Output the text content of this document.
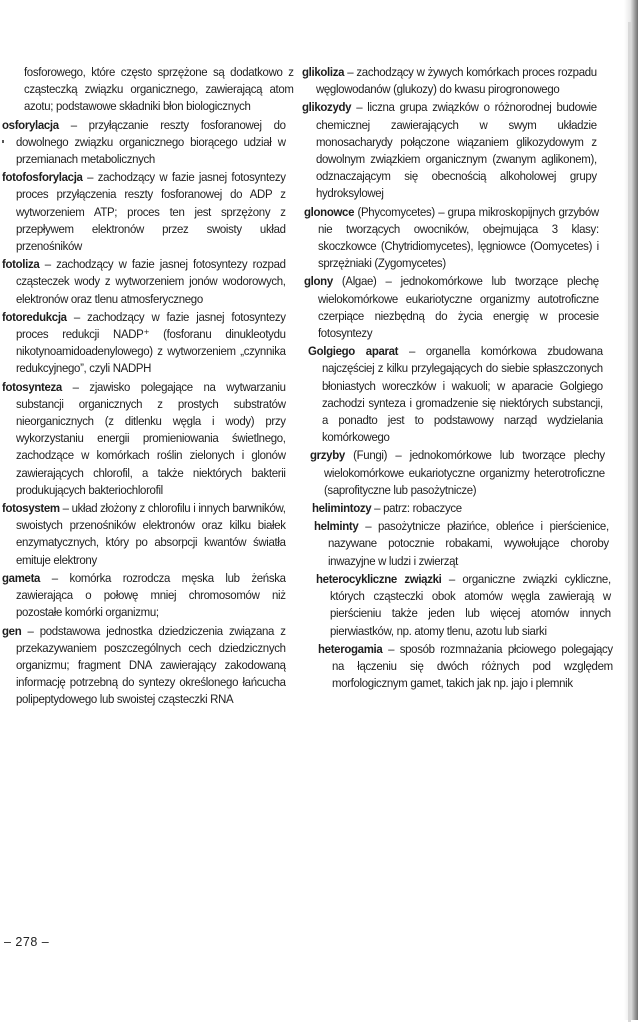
fosforowego, które często sprzężone są dodatkowo z cząsteczką związku organicznego, zawierającą atom azotu; podstawowe składniki błon biologicznych
osforylacja – przyłączanie reszty fosforanowej do dowolnego związku organicznego biorącego udział w przemianach metabolicznych
fotofosforylacja – zachodzący w fazie jasnej fotosyntezy proces przyłączenia reszty fosforanowej do ADP z wytworzeniem ATP; proces ten jest sprzężony z przepływem elektronów przez swoisty układ przenośników
fotoliza – zachodzący w fazie jasnej fotosyntezy rozpad cząsteczek wody z wytworzeniem jonów wodorowych, elektronów oraz tlenu atmosferycznego
fotoredukcja – zachodzący w fazie jasnej fotosyntezy proces redukcji NADP⁺ (fosforanu dinukleotydu nikotynoamidoadenylowego) z wytworzeniem „czynnika redukcyjnego”, czyli NADPH
fotosynteza – zjawisko polegające na wytwarzaniu substancji organicznych z prostych substratów nieorganicznych (z ditlenku węgla i wody) przy wykorzystaniu energii promieniowania świetlnego, zachodzące w komórkach roślin zielonych i glonów zawierających chlorofil, a także niektórych bakterii produkujących bakteriochlorofil
fotosystem – układ złożony z chlorofilu i innych barwników, swoistych przenośników elektronów oraz kilku białek enzymatycznych, który po absorpcji kwantów światła emituje elektrony
gameta – komórka rozrodcza męska lub żeńska zawierająca o połowę mniej chromosomów niż pozostałe komórki organizmu;
gen – podstawowa jednostka dziedziczenia związana z przekazywaniem poszczególnych cech dziedzicznych organizmu; fragment DNA zawierający zakodowaną informację potrzebną do syntezy określonego łańcucha polipeptydowego lub swoistej cząsteczki RNA
glikoliza – zachodzący w żywych komórkach proces rozpadu węglowodanów (glukozy) do kwasu pirogronowego
glikozydy – liczna grupa związków o różnorodnej budowie chemicznej zawierających w swym układzie monosacharydy połączone wiązaniem glikozydowym z dowolnym związkiem organicznym (zwanym aglikonem), odznaczającym się obecnością alkoholowej grupy hydroksylowej
glonowce (Phycomycetes) – grupa mikroskopijnych grzybów nie tworzących owocników, obejmująca 3 klasy: skoczkowce (Chytridiomycetes), lęgniowce (Oomycetes) i sprzężniaki (Zygomycetes)
glony (Algae) – jednokomórkowe lub tworzące plechę wielokomórkowe eukariotyczne organizmy autotroficzne czerpiące niezbędną do życia energię w procesie fotosyntezy
Golgiego aparat – organella komórkowa zbudowana najczęściej z kilku przylegających do siebie spłaszczonych błoniastych woreczków i wakuoli; w aparacie Golgiego zachodzi synteza i gromadzenie się niektórych substancji, a ponadto jest to podstawowy narząd wydzielania komórkowego
grzyby (Fungi) – jednokomórkowe lub tworzące plechy wielokomórkowe eukariotyczne organizmy heterotroficzne (saprofityczne lub pasożytnicze)
helimintozy – patrz: robaczyce
helminty – pasożytnicze płazińce, obleńce i pierścienice, nazywane potocznie robakami, wywołujące choroby inwazyjne w ludzi i zwierząt
heterocykliczne związki – organiczne związki cykliczne, których cząsteczki obok atomów węgla zawierają w pierścieniu także jeden lub więcej atomów innych pierwiastków, np. atomy tlenu, azotu lub siarki
heterogamia – sposób rozmnażania płciowego polegający na łączeniu się dwóch różnych pod względem morfologicznym gamet, takich jak np. jajo i plemnik
– 278 –
